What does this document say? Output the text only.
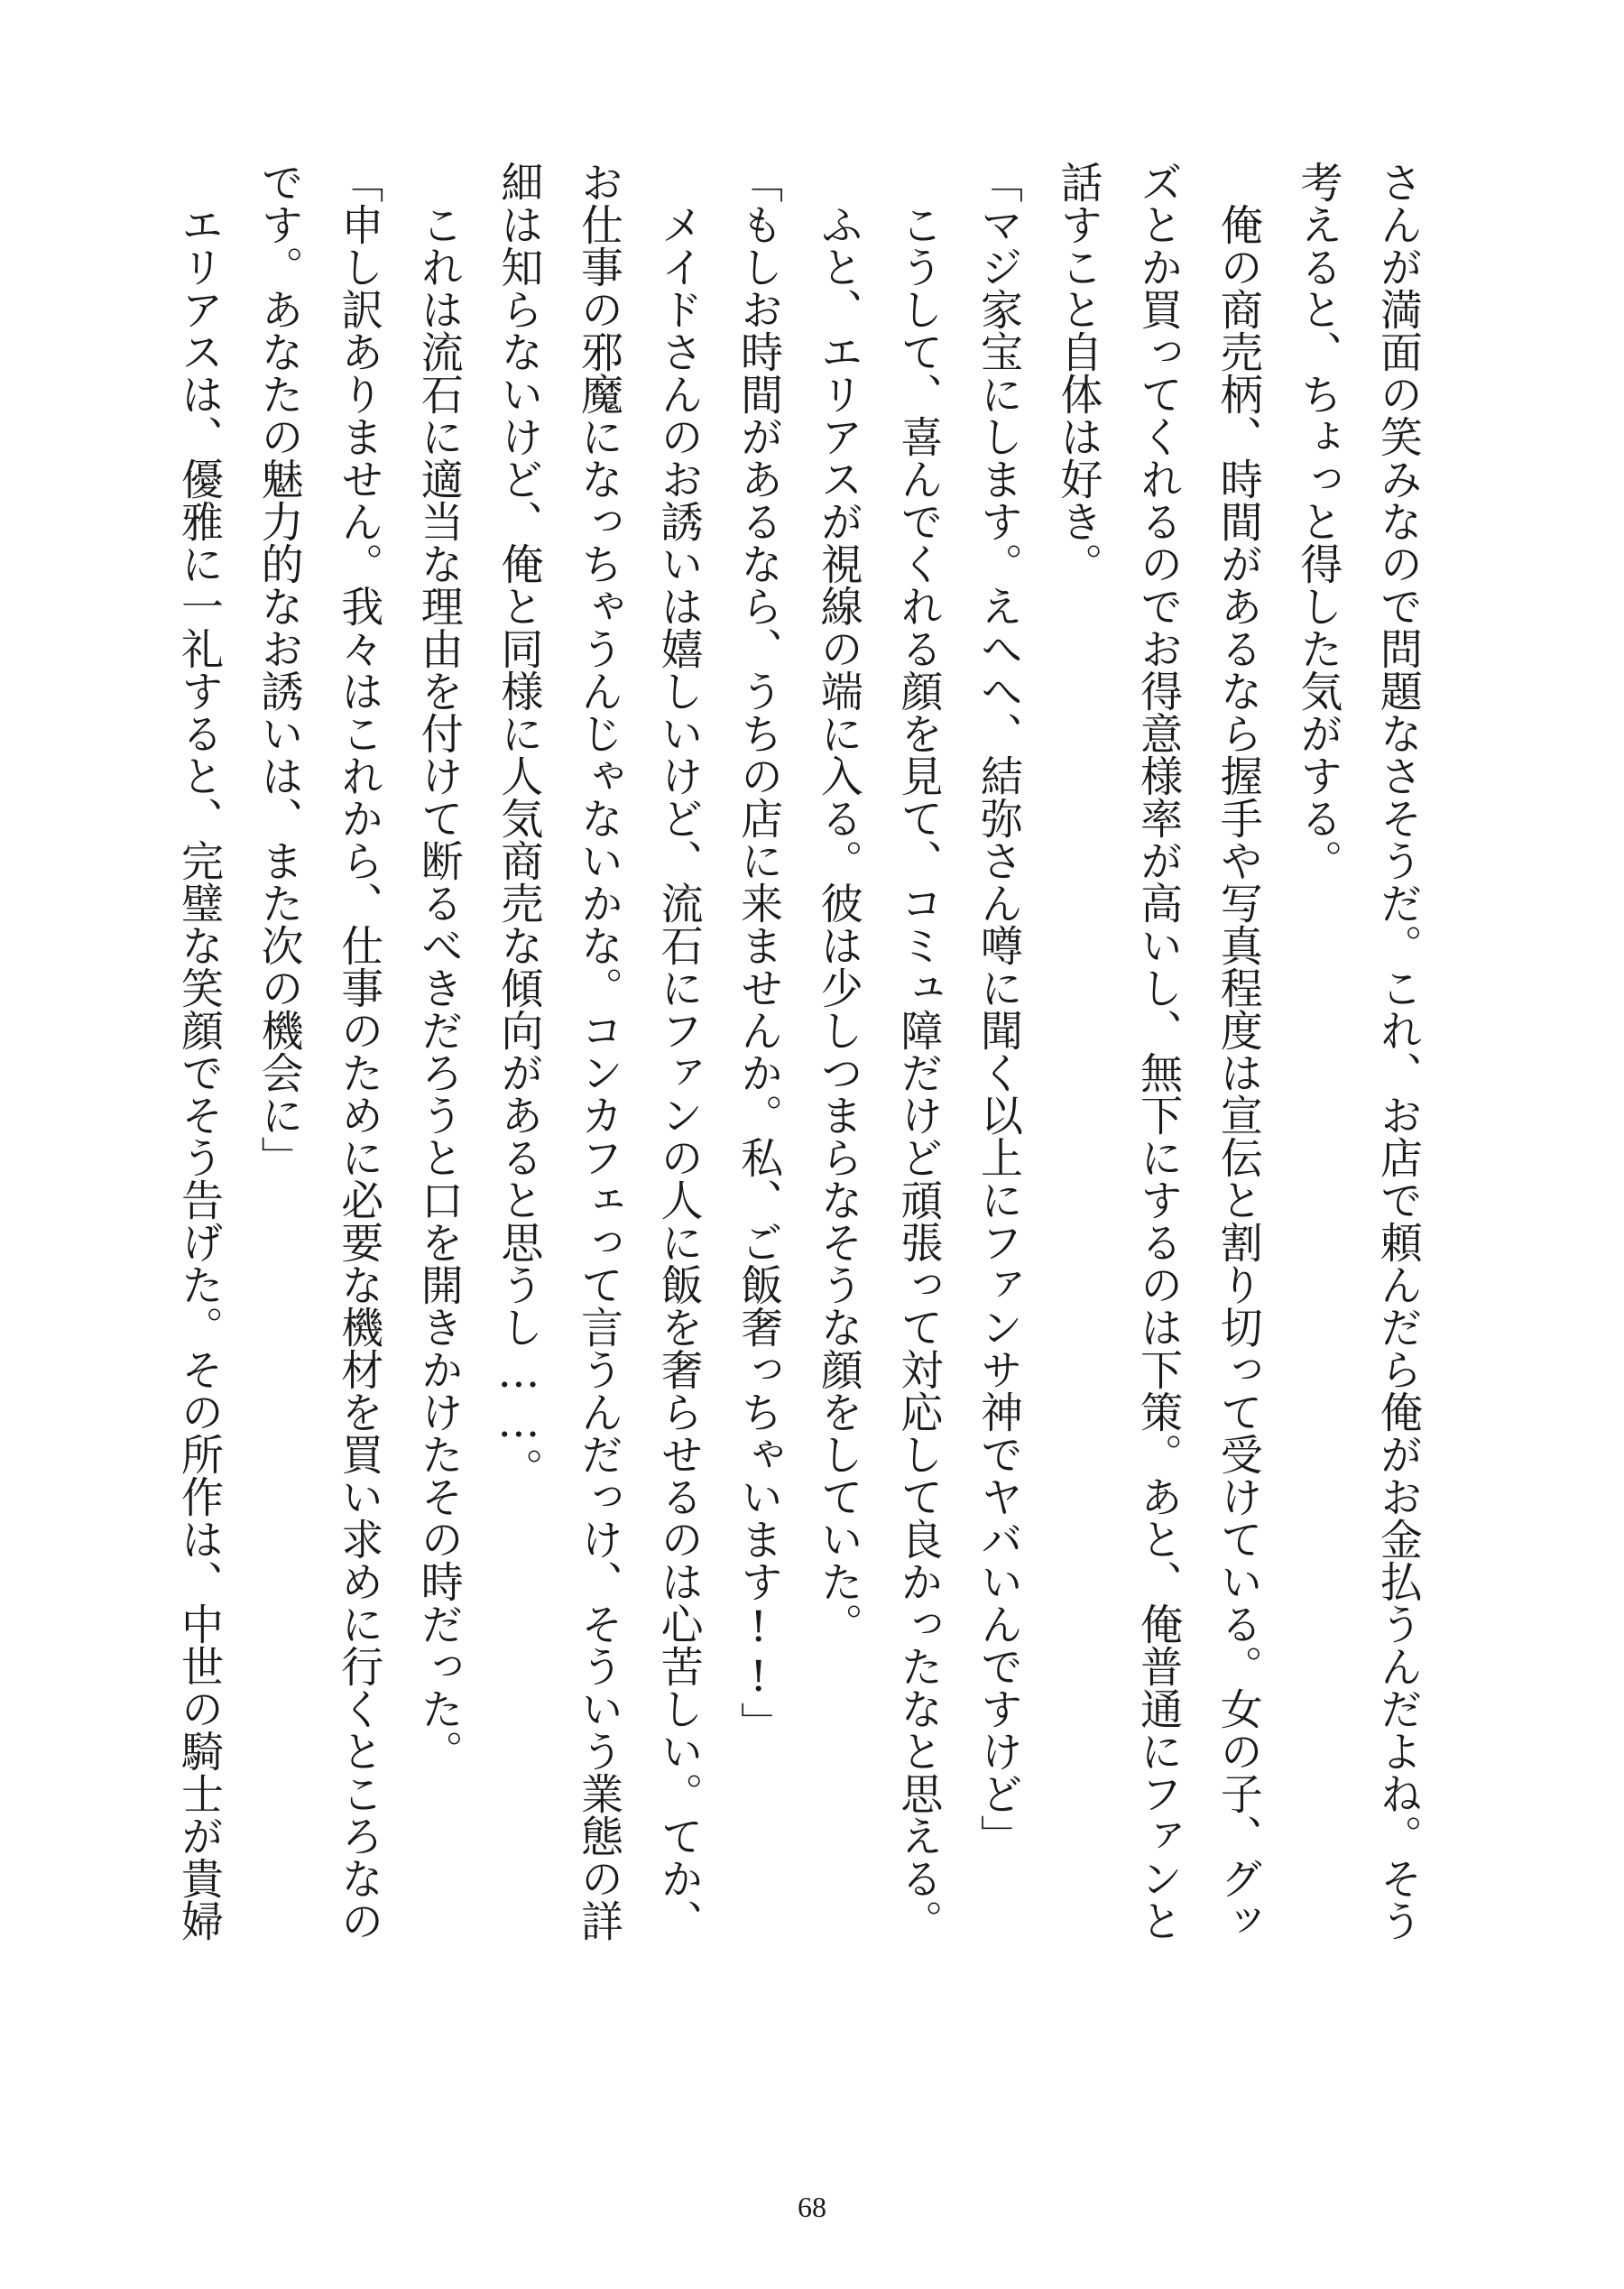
さんが満面の笑みなので問題なさそうだ。これ、お店で頼んだら俺がお金払うんだよね。そう
考えると、ちょっと得した気がする。
　俺の商売柄、時間があるなら握手や写真程度は宣伝と割り切って受けている。女の子、グッ
ズとか買ってくれるのでお得意様率が高いし、無下にするのは下策。あと、俺普通にファンと
話すこと自体は好き。
「マジ家宝にします。えへへ、結弥さん噂に聞く以上にファンサ神でヤバいんですけど」
　こうして、喜んでくれる顔を見て、コミュ障だけど頑張って対応して良かったなと思える。
　ふと、エリアスが視線の端に入る。彼は少しつまらなそうな顔をしていた。
「もしお時間があるなら、うちの店に来ませんか。私、ご飯奢っちゃいます!!」
　メイドさんのお誘いは嬉しいけど、流石にファンの人に飯を奢らせるのは心苦しい。てか、
お仕事の邪魔になっちゃうんじゃないかな。コンカフェって言うんだっけ、そういう業態の詳
細は知らないけど、俺と同様に人気商売な傾向があると思うし……。
　これは流石に適当な理由を付けて断るべきだろうと口を開きかけたその時だった。
「申し訳ありません。我々はこれから、仕事のために必要な機材を買い求めに行くところなの
です。あなたの魅力的なお誘いは、また次の機会に」
　エリアスは、優雅に一礼すると、完璧な笑顔でそう告げた。その所作は、中世の騎士が貴婦
68
